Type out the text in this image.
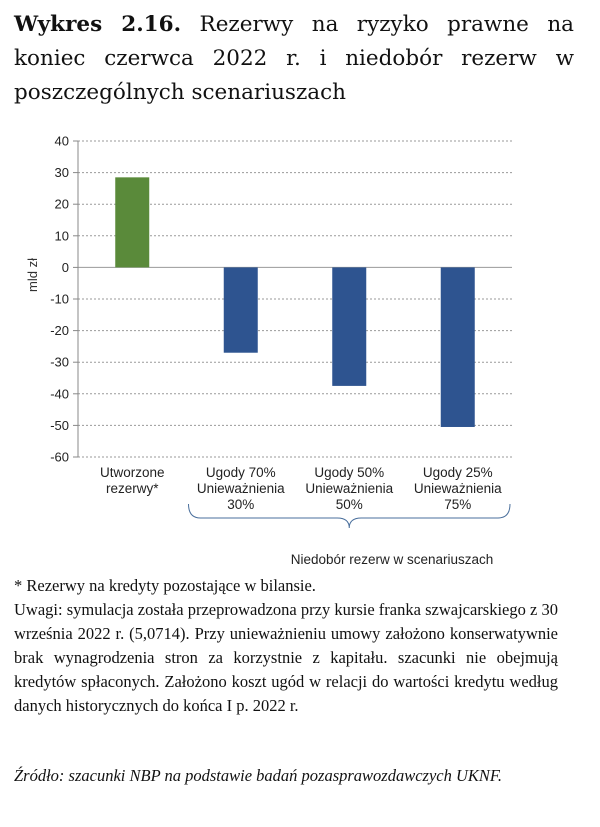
Wykres 2.16. Rezerwy na ryzyko prawne na koniec czerwca 2022 r. i niedobór rezerw w poszczególnych scenariuszach
40
30
20
10
0
-10
-20
-30
-40
-50
-60
Utworzone
rezerwy*
Ugody 70%
Unieważnienia
30%
Ugody 50%
Unieważnienia
50%
Ugody 25%
Unieważnienia
75%
mld zł
Niedobór rezerw w scenariuszach

* Rezerwy na kredyty pozostające w bilansie.

Uwagi: symulacja została przeprowadzona przy kursie franka szwajcarskiego z 30 września 2022 r. (5,0714). Przy unieważnieniu umowy założono konserwatywnie brak wynagrodzenia stron za korzystnie z kapitału. szacunki nie obejmują kredytów spłaconych. Założono koszt ugód w relacji do wartości kredytu według danych historycznych do końca I p. 2022 r.

Źródło: szacunki NBP na podstawie badań pozasprawozdawczych UKNF.
